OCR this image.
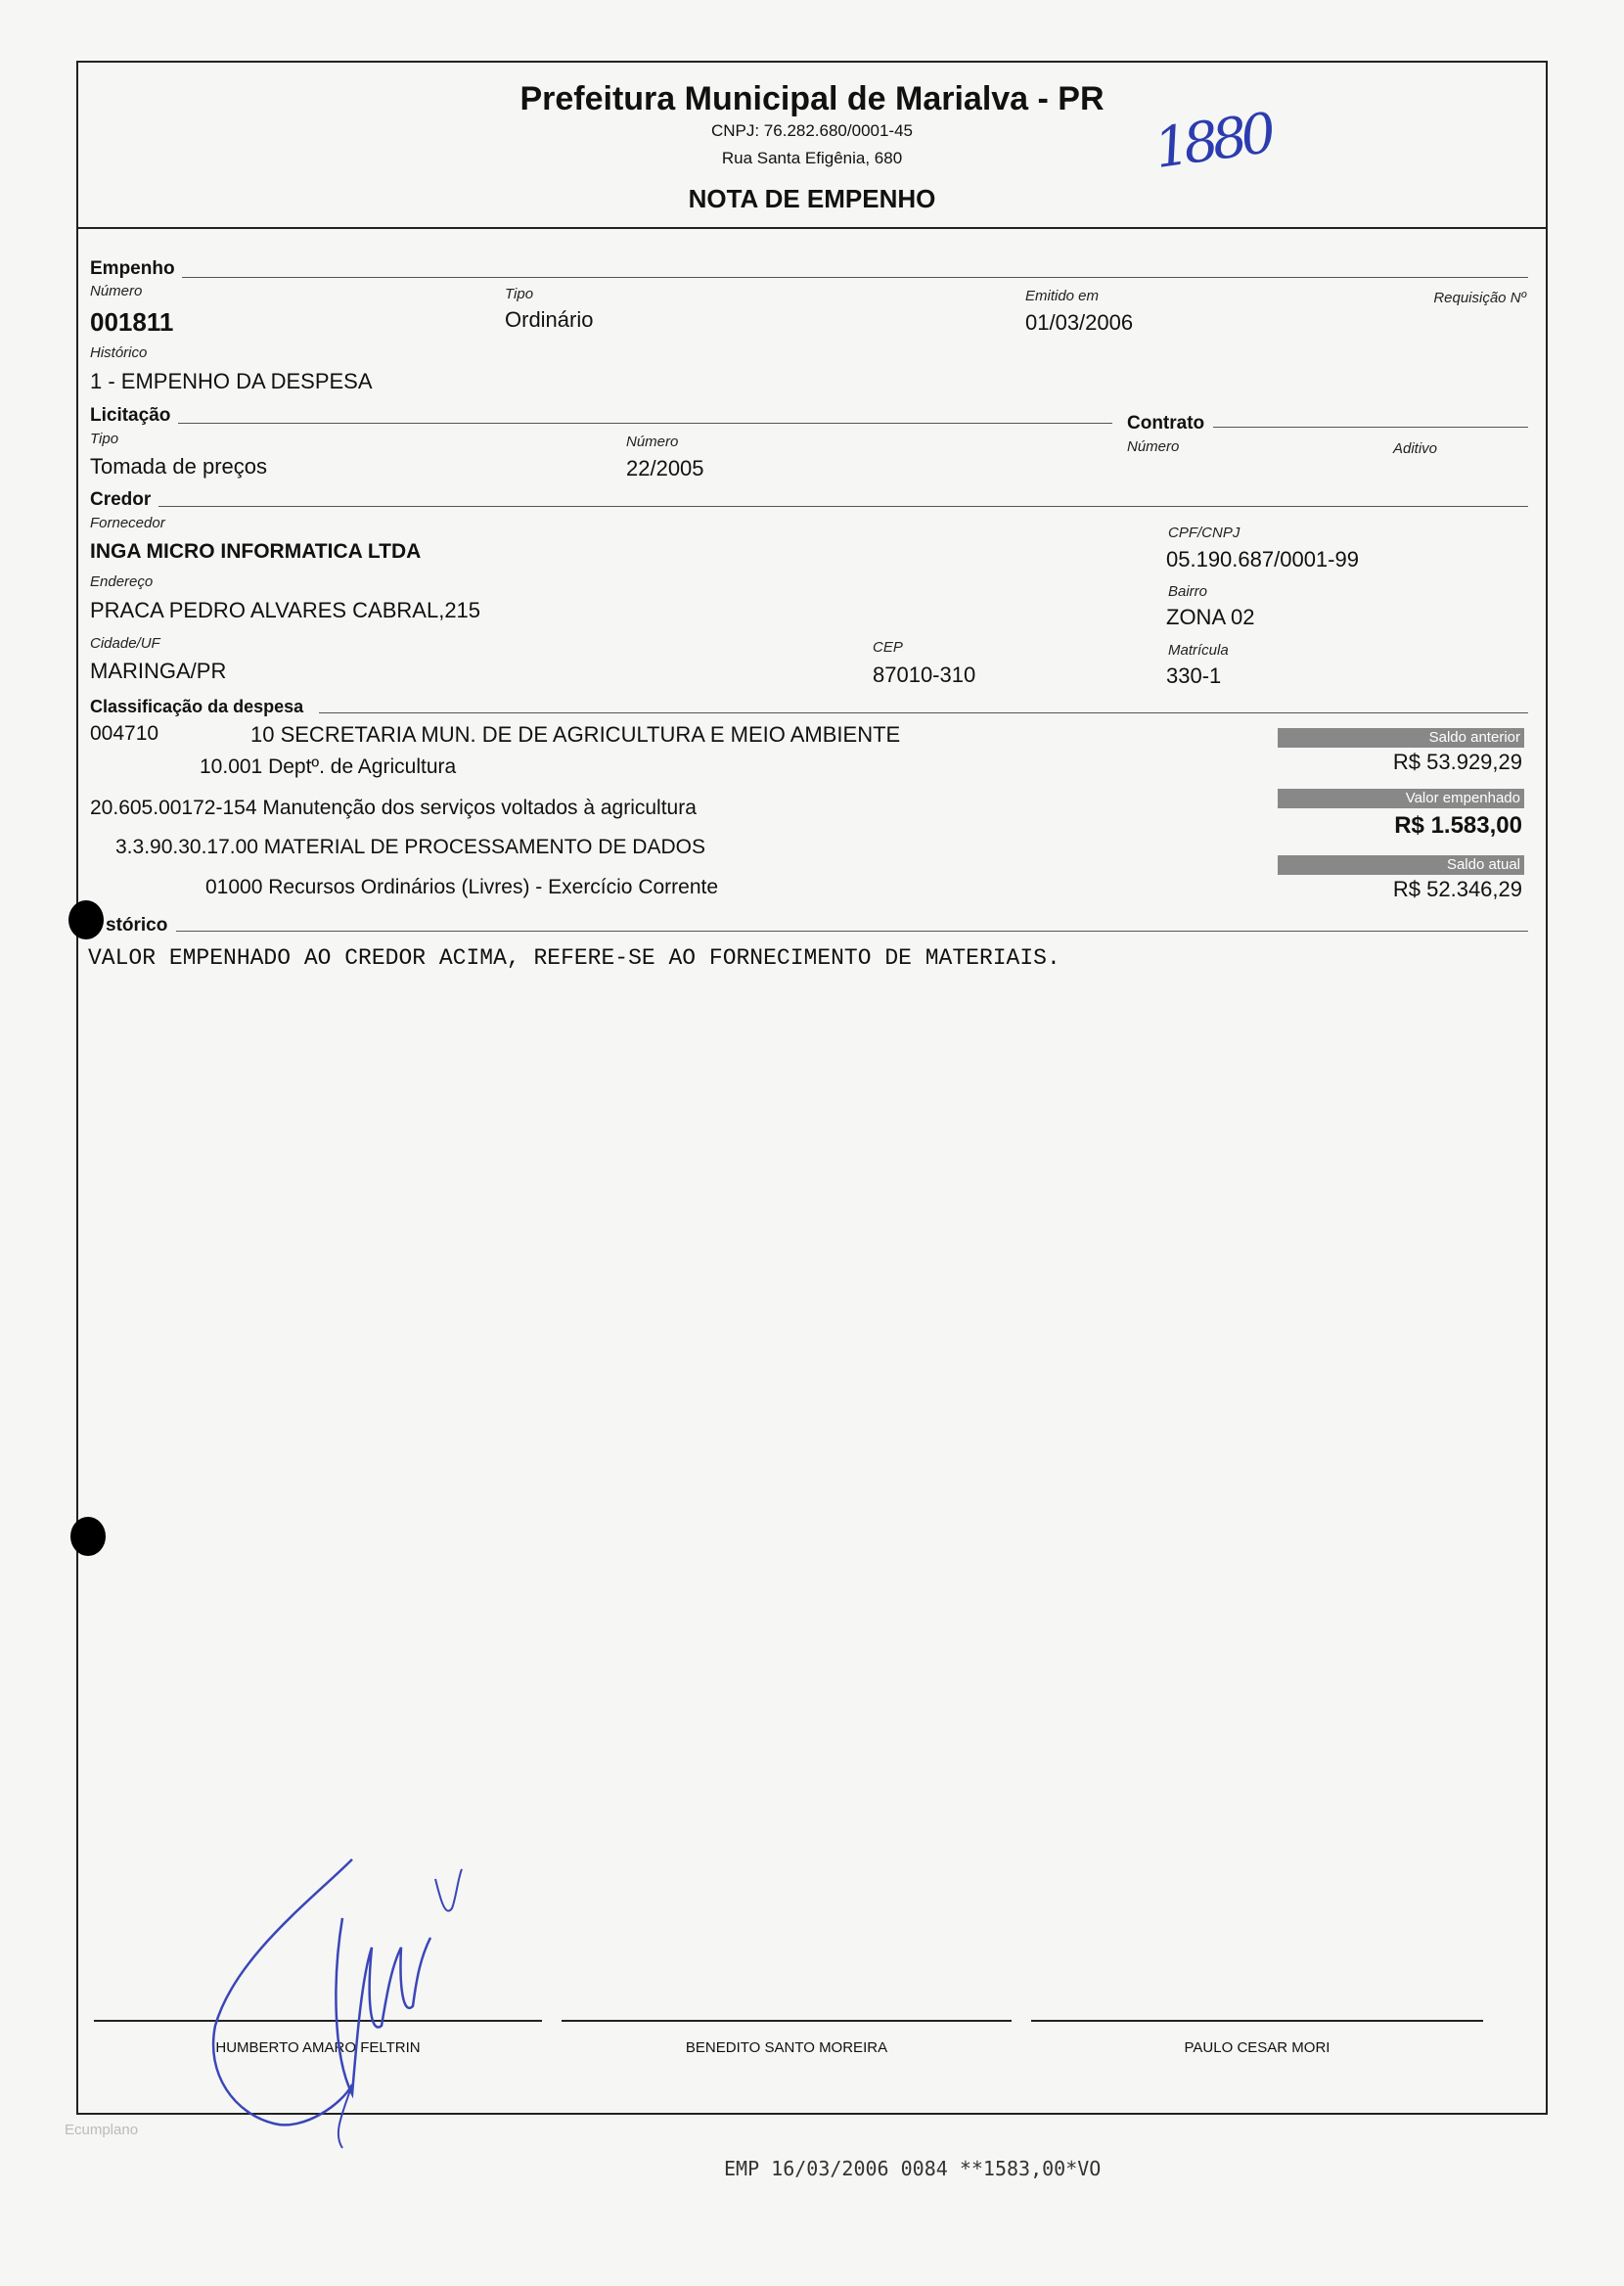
Prefeitura Municipal de Marialva - PR
CNPJ: 76.282.680/0001-45
Rua Santa Efigênia, 680
NOTA DE EMPENHO
1880
Empenho
Número
001811
Tipo
Ordinário
Emitido em
01/03/2006
Requisição Nº
Histórico
1 - EMPENHO DA DESPESA
Licitação	Contrato
Tipo
Tomada de preços
Número
22/2005
Número	Aditivo
Credor
Fornecedor
INGA MICRO INFORMATICA LTDA
CPF/CNPJ
05.190.687/0001-99
Endereço
PRACA PEDRO ALVARES CABRAL,215
Bairro
ZONA 02
Cidade/UF
MARINGA/PR
CEP
87010-310
Matrícula
330-1
Classificação da despesa
004710	10 SECRETARIA MUN. DE DE AGRICULTURA E MEIO AMBIENTE
10.001 Deptº. de Agricultura
20.605.00172-154 Manutenção dos serviços voltados à agricultura
3.3.90.30.17.00 MATERIAL DE PROCESSAMENTO DE DADOS
01000 Recursos Ordinários (Livres) - Exercício Corrente
Saldo anterior
R$ 53.929,29
Valor empenhado
R$ 1.583,00
Saldo atual
R$ 52.346,29
stórico
VALOR EMPENHADO AO CREDOR ACIMA, REFERE-SE AO FORNECIMENTO DE MATERIAIS.
HUMBERTO AMARO FELTRIN	BENEDITO SANTO MOREIRA	PAULO CESAR MORI
Ecumplano
EMP 16/03/2006 0084 **1583,00*VO
